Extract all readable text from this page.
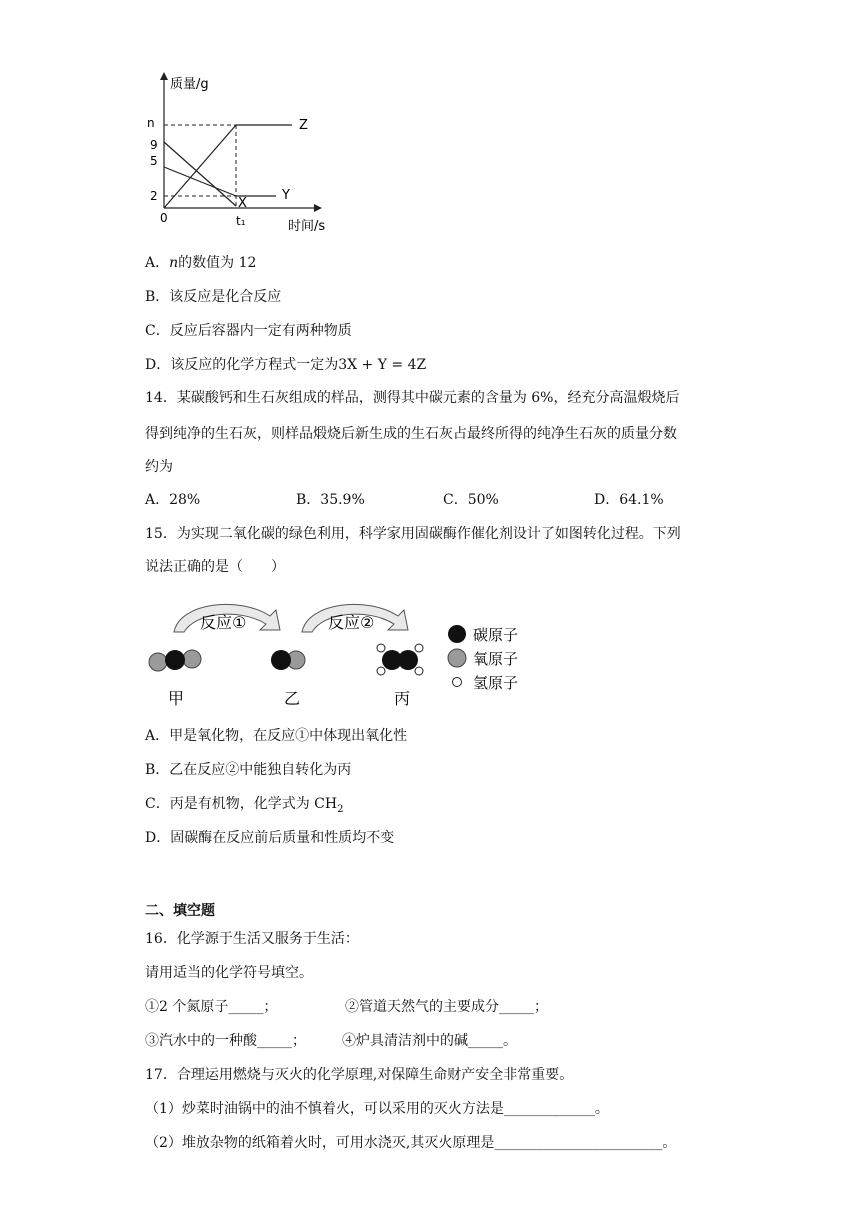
质量/g
时间/s
n
9
5
2
0	t₁
Z
Y
X
A．n的数值为 12
B．该反应是化合反应
C．反应后容器内一定有两种物质
D．该反应的化学方程式一定为3X + Y = 4Z
14．某碳酸钙和生石灰组成的样品，测得其中碳元素的含量为 6%，经充分高温煅烧后
得到纯净的生石灰，则样品煅烧后新生成的生石灰占最终所得的纯净生石灰的质量分数
约为
A．28%	B．35.9%	C．50%	D．64.1%
15．为实现二氧化碳的绿色利用，科学家用固碳酶作催化剂设计了如图转化过程。下列
说法正确的是（　　）
反应①	反应②
甲	乙	丙
碳原子
氧原子
氢原子
A．甲是氧化物，在反应①中体现出氧化性
B．乙在反应②中能独自转化为丙
C．丙是有机物，化学式为 $CH_2$
D．固碳酶在反应前后质量和性质均不变
二、填空题
16．化学源于生活又服务于生活：
请用适当的化学符号填空。
①2 个氮原子_____；	②管道天然气的主要成分_____；
③汽水中的一种酸_____；	④炉具清洁剂中的碱_____。
17．合理运用燃烧与灭火的化学原理,对保障生命财产安全非常重要。
（1）炒菜时油锅中的油不慎着火，可以采用的灭火方法是_____________。
（2）堆放杂物的纸箱着火时，可用水浇灭,其灭火原理是________________________。
